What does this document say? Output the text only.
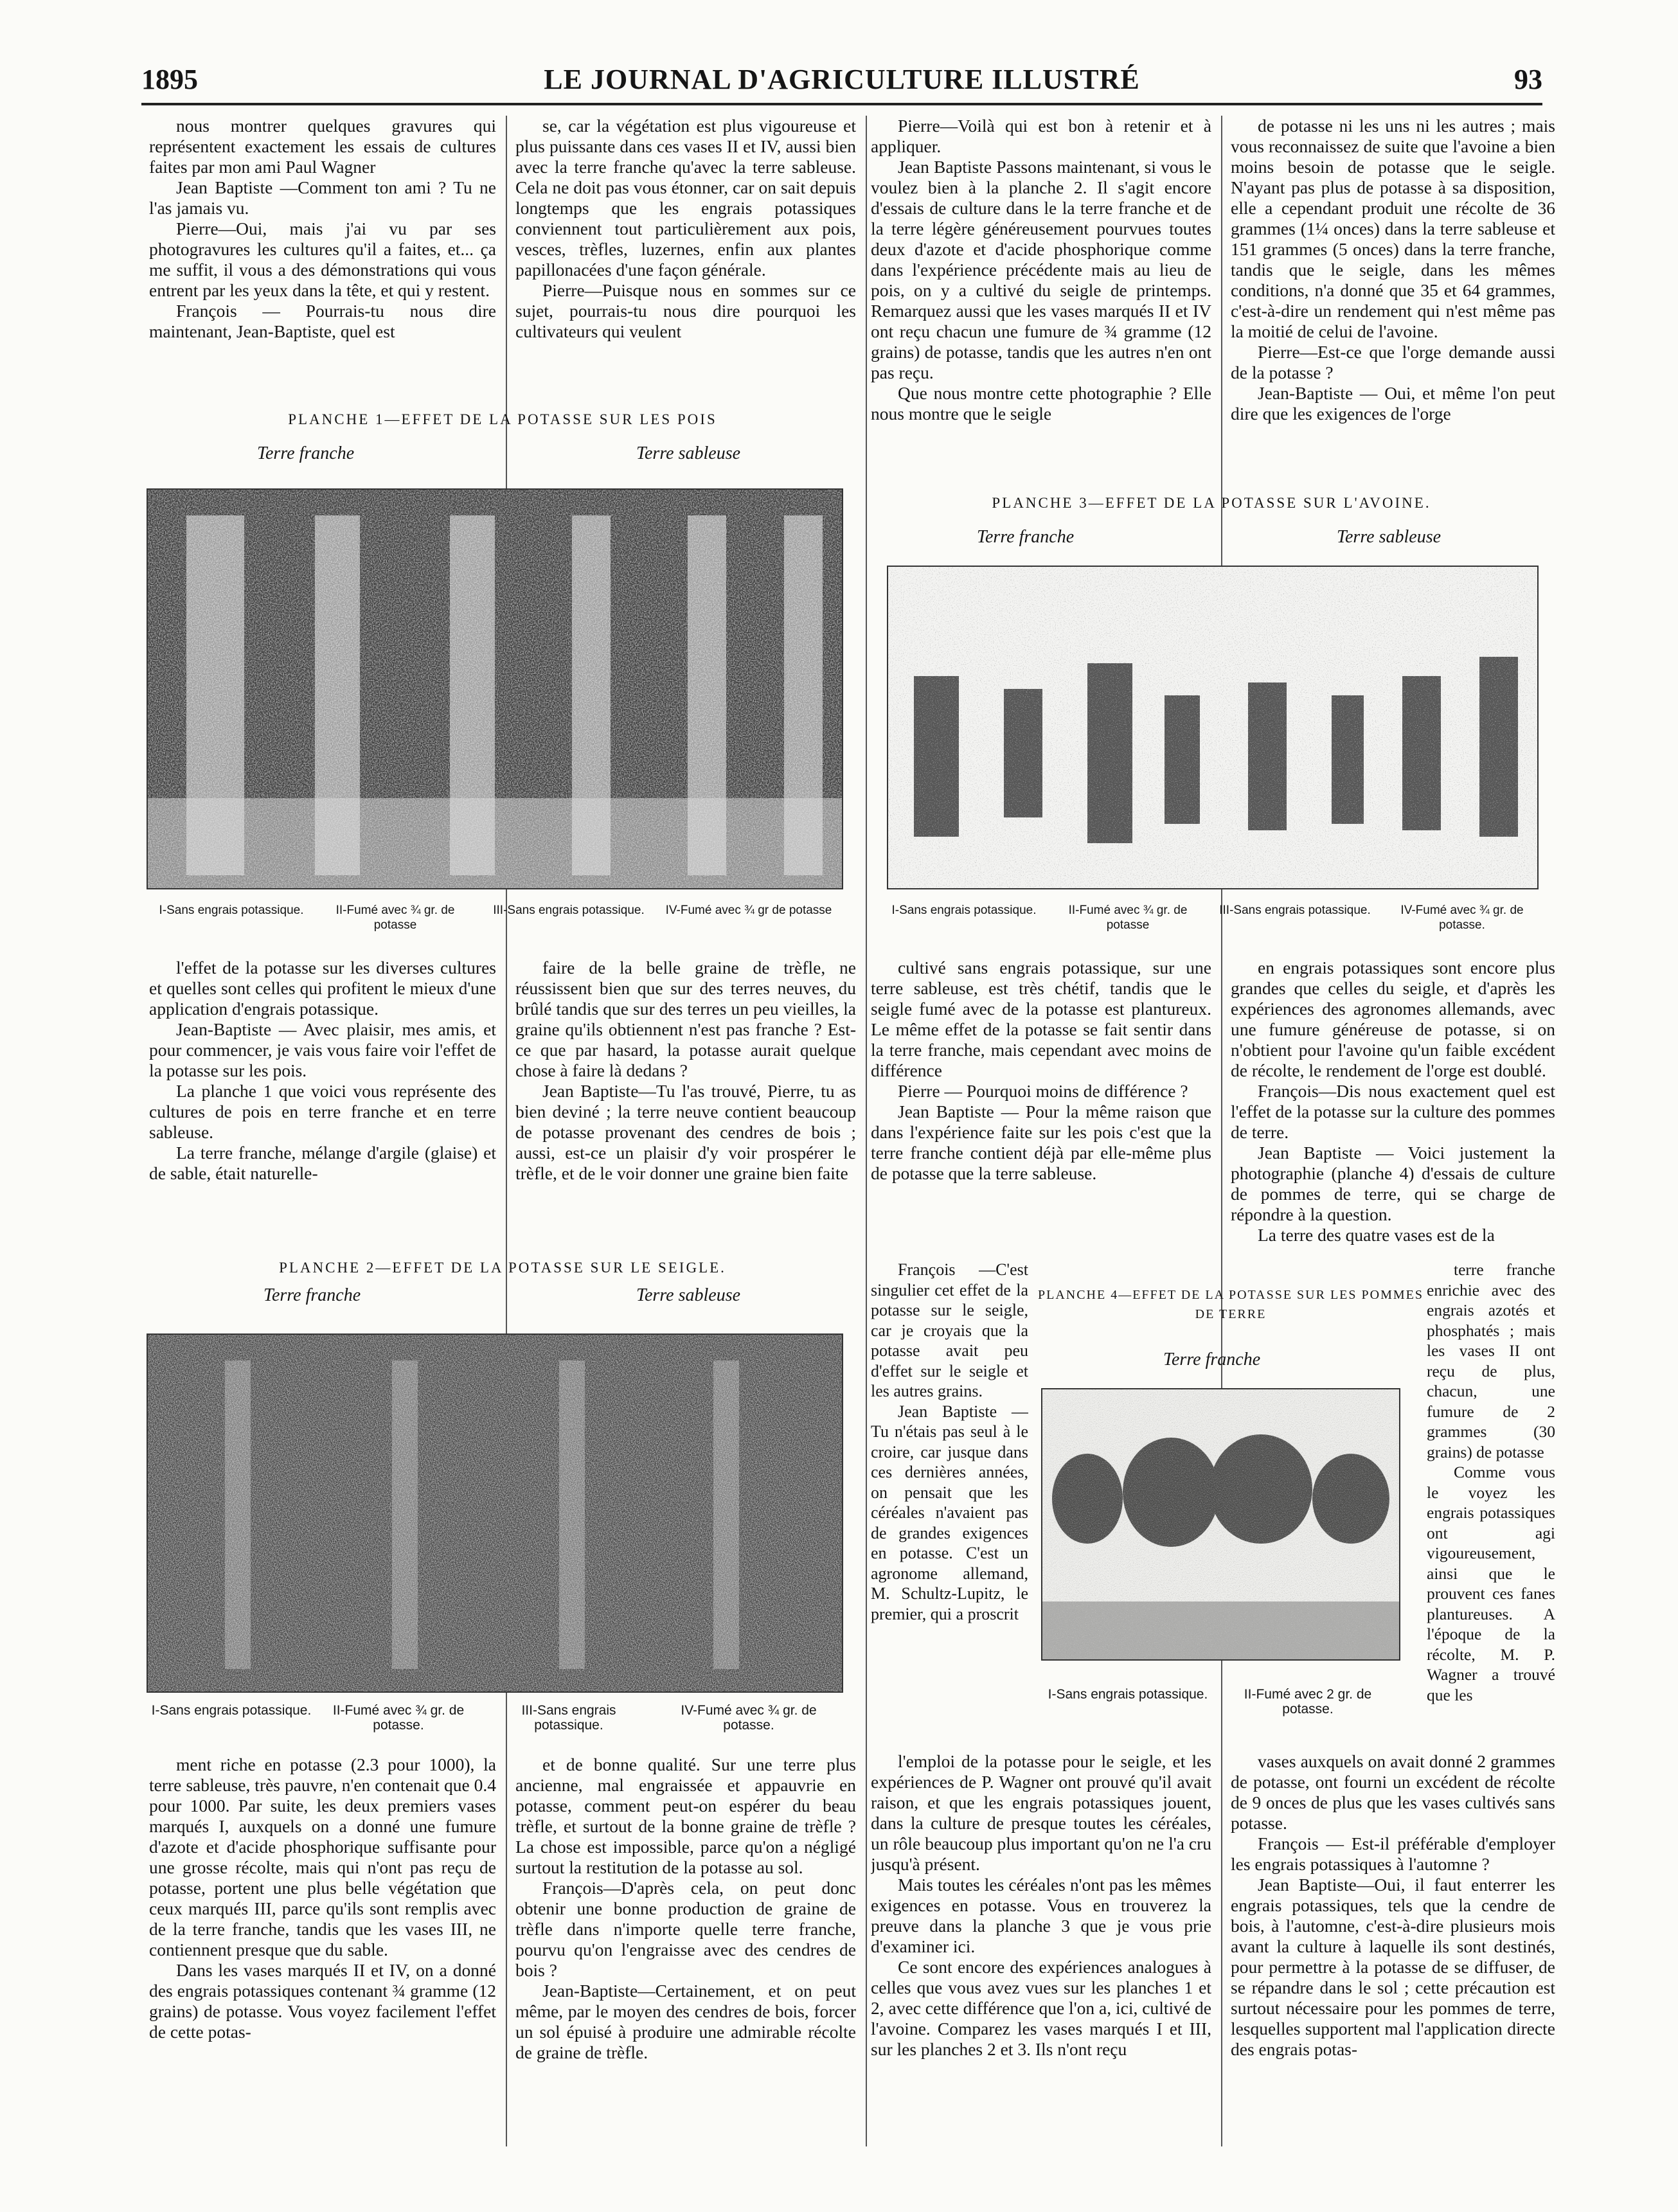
1895	LE JOURNAL D'AGRICULTURE ILLUSTRÉ	93

nous montrer quelques gravures qui représentent exactement les essais de cultures faites par mon ami Paul Wagner

Jean Baptiste —Comment ton ami ? Tu ne l'as jamais vu.

Pierre—Oui, mais j'ai vu par ses photogravures les cultures qu'il a faites, et... ça me suffit, il vous a des démonstrations qui vous entrent par les yeux dans la tête, et qui y restent.

François — Pourrais-tu nous dire maintenant, Jean-Baptiste, quel est

se, car la végétation est plus vigoureuse et plus puissante dans ces vases II et IV, aussi bien avec la terre franche qu'avec la terre sableuse. Cela ne doit pas vous étonner, car on sait depuis longtemps que les engrais potassiques conviennent tout particulièrement aux pois, vesces, trèfles, luzernes, enfin aux plantes papillonacées d'une façon générale.

Pierre—Puisque nous en sommes sur ce sujet, pourrais-tu nous dire pourquoi les cultivateurs qui veulent

PLANCHE 1—EFFET DE LA POTASSE SUR LES POIS
Terre franche	Terre sableuse
I-Sans engrais potassique.	II-Fumé avec ¾ gr. de potasse
III-Sans engrais potassique.	IV-Fumé avec ¾ gr de potasse

l'effet de la potasse sur les diverses cultures et quelles sont celles qui profitent le mieux d'une application d'engrais potassique.

Jean-Baptiste — Avec plaisir, mes amis, et pour commencer, je vais vous faire voir l'effet de la potasse sur les pois.

La planche 1 que voici vous représente des cultures de pois en terre franche et en terre sableuse.

La terre franche, mélange d'argile (glaise) et de sable, était naturelle-

faire de la belle graine de trèfle, ne réussissent bien que sur des terres neuves, du brûlé tandis que sur des terres un peu vieilles, la graine qu'ils obtiennent n'est pas franche ? Est-ce que par hasard, la potasse aurait quelque chose à faire là dedans ?

Jean Baptiste—Tu l'as trouvé, Pierre, tu as bien deviné ; la terre neuve contient beaucoup de potasse provenant des cendres de bois ; aussi, est-ce un plaisir d'y voir prospérer le trèfle, et de le voir donner une graine bien faite

PLANCHE 2—EFFET DE LA POTASSE SUR LE SEIGLE.
Terre franche	Terre sableuse
I-Sans engrais potassique.	II-Fumé avec ¾ gr. de potasse.
III-Sans engrais potassique.
IV-Fumé avec ¾ gr. de potasse.

ment riche en potasse (2.3 pour 1000), la terre sableuse, très pauvre, n'en contenait que 0.4 pour 1000. Par suite, les deux premiers vases marqués I, auxquels on a donné une fumure d'azote et d'acide phosphorique suffisante pour une grosse récolte, mais qui n'ont pas reçu de potasse, portent une plus belle végétation que ceux marqués III, parce qu'ils sont remplis avec de la terre franche, tandis que les vases III, ne contiennent presque que du sable.

Dans les vases marqués II et IV, on a donné des engrais potassiques contenant ¾ gramme (12 grains) de potasse. Vous voyez facilement l'effet de cette potas-

et de bonne qualité. Sur une terre plus ancienne, mal engraissée et appauvrie en potasse, comment peut-on espérer du beau trèfle, et surtout de la bonne graine de trèfle ? La chose est impossible, parce qu'on a négligé surtout la restitution de la potasse au sol.

François—D'après cela, on peut donc obtenir une bonne production de graine de trèfle dans n'importe quelle terre franche, pourvu qu'on l'engraisse avec des cendres de bois ?

Jean-Baptiste—Certainement, et on peut même, par le moyen des cendres de bois, forcer un sol épuisé à produire une admirable récolte de graine de trèfle.

Pierre—Voilà qui est bon à retenir et à appliquer.

Jean Baptiste Passons maintenant, si vous le voulez bien à la planche 2. Il s'agit encore d'essais de culture dans le la terre franche et de la terre légère généreusement pourvues toutes deux d'azote et d'acide phosphorique comme dans l'expérience précédente mais au lieu de pois, on y a cultivé du seigle de printemps. Remarquez aussi que les vases marqués II et IV ont reçu chacun une fumure de ¾ gramme (12 grains) de potasse, tandis que les autres n'en ont pas reçu.

Que nous montre cette photographie ? Elle nous montre que le seigle

de potasse ni les uns ni les autres ; mais vous reconnaissez de suite que l'avoine a bien moins besoin de potasse que le seigle. N'ayant pas plus de potasse à sa disposition, elle a cependant produit une récolte de 36 grammes (1¼ onces) dans la terre sableuse et 151 grammes (5 onces) dans la terre franche, tandis que le seigle, dans les mêmes conditions, n'a donné que 35 et 64 grammes, c'est-à-dire un rendement qui n'est même pas la moitié de celui de l'avoine.

Pierre—Est-ce que l'orge demande aussi de la potasse ?

Jean-Baptiste — Oui, et même l'on peut dire que les exigences de l'orge

PLANCHE 3—EFFET DE LA POTASSE SUR L'AVOINE.
Terre franche	Terre sableuse
I-Sans engrais potassique.	II-Fumé avec ¾ gr. de potasse
III-Sans engrais potassique.	IV-Fumé avec ¾ gr. de potasse.

cultivé sans engrais potassique, sur une terre sableuse, est très chétif, tandis que le seigle fumé avec de la potasse est plantureux. Le même effet de la potasse se fait sentir dans la terre franche, mais cependant avec moins de différence

Pierre — Pourquoi moins de différence ?

Jean Baptiste — Pour la même raison que dans l'expérience faite sur les pois c'est que la terre franche contient déjà par elle-même plus de potasse que la terre sableuse.

en engrais potassiques sont encore plus grandes que celles du seigle, et d'après les expériences des agronomes allemands, avec une fumure généreuse de potasse, si on n'obtient pour l'avoine qu'un faible excédent de récolte, le rendement de l'orge est doublé.

François—Dis nous exactement quel est l'effet de la potasse sur la culture des pommes de terre.

Jean Baptiste — Voici justement la photographie (planche 4) d'essais de culture de pommes de terre, qui se charge de répondre à la question.

La terre des quatre vases est de la

François —C'est singulier cet effet de la potasse sur le seigle, car je croyais que la potasse avait peu d'effet sur le seigle et les autres grains.

Jean Baptiste — Tu n'étais pas seul à le croire, car jusque dans ces dernières années, on pensait que les céréales n'avaient pas de grandes exigences en potasse. C'est un agronome allemand, M. Schultz-Lupitz, le premier, qui a proscrit

PLANCHE 4—EFFET DE LA POTASSE SUR LES POMMES DE TERRE
Terre franche
I-Sans engrais potassique.	II-Fumé avec 2 gr. de potasse.

terre franche enrichie avec des engrais azotés et phosphatés ; mais les vases II ont reçu de plus, chacun, une fumure de 2 grammes (30 grains) de potasse

Comme vous le voyez les engrais potassiques ont agi vigoureusement, ainsi que le prouvent ces fanes plantureuses. A l'époque de la récolte, M. P. Wagner a trouvé que les

l'emploi de la potasse pour le seigle, et les expériences de P. Wagner ont prouvé qu'il avait raison, et que les engrais potassiques jouent, dans la culture de presque toutes les céréales, un rôle beaucoup plus important qu'on ne l'a cru jusqu'à présent.

Mais toutes les céréales n'ont pas les mêmes exigences en potasse. Vous en trouverez la preuve dans la planche 3 que je vous prie d'examiner ici.

Ce sont encore des expériences analogues à celles que vous avez vues sur les planches 1 et 2, avec cette différence que l'on a, ici, cultivé de l'avoine. Comparez les vases marqués I et III, sur les planches 2 et 3. Ils n'ont reçu

vases auxquels on avait donné 2 grammes de potasse, ont fourni un excédent de récolte de 9 onces de plus que les vases cultivés sans potasse.

François — Est-il préférable d'employer les engrais potassiques à l'automne ?

Jean Baptiste—Oui, il faut enterrer les engrais potassiques, tels que la cendre de bois, à l'automne, c'est-à-dire plusieurs mois avant la culture à laquelle ils sont destinés, pour permettre à la potasse de se diffuser, de se répandre dans le sol ; cette précaution est surtout nécessaire pour les pommes de terre, lesquelles supportent mal l'application directe des engrais potas-
